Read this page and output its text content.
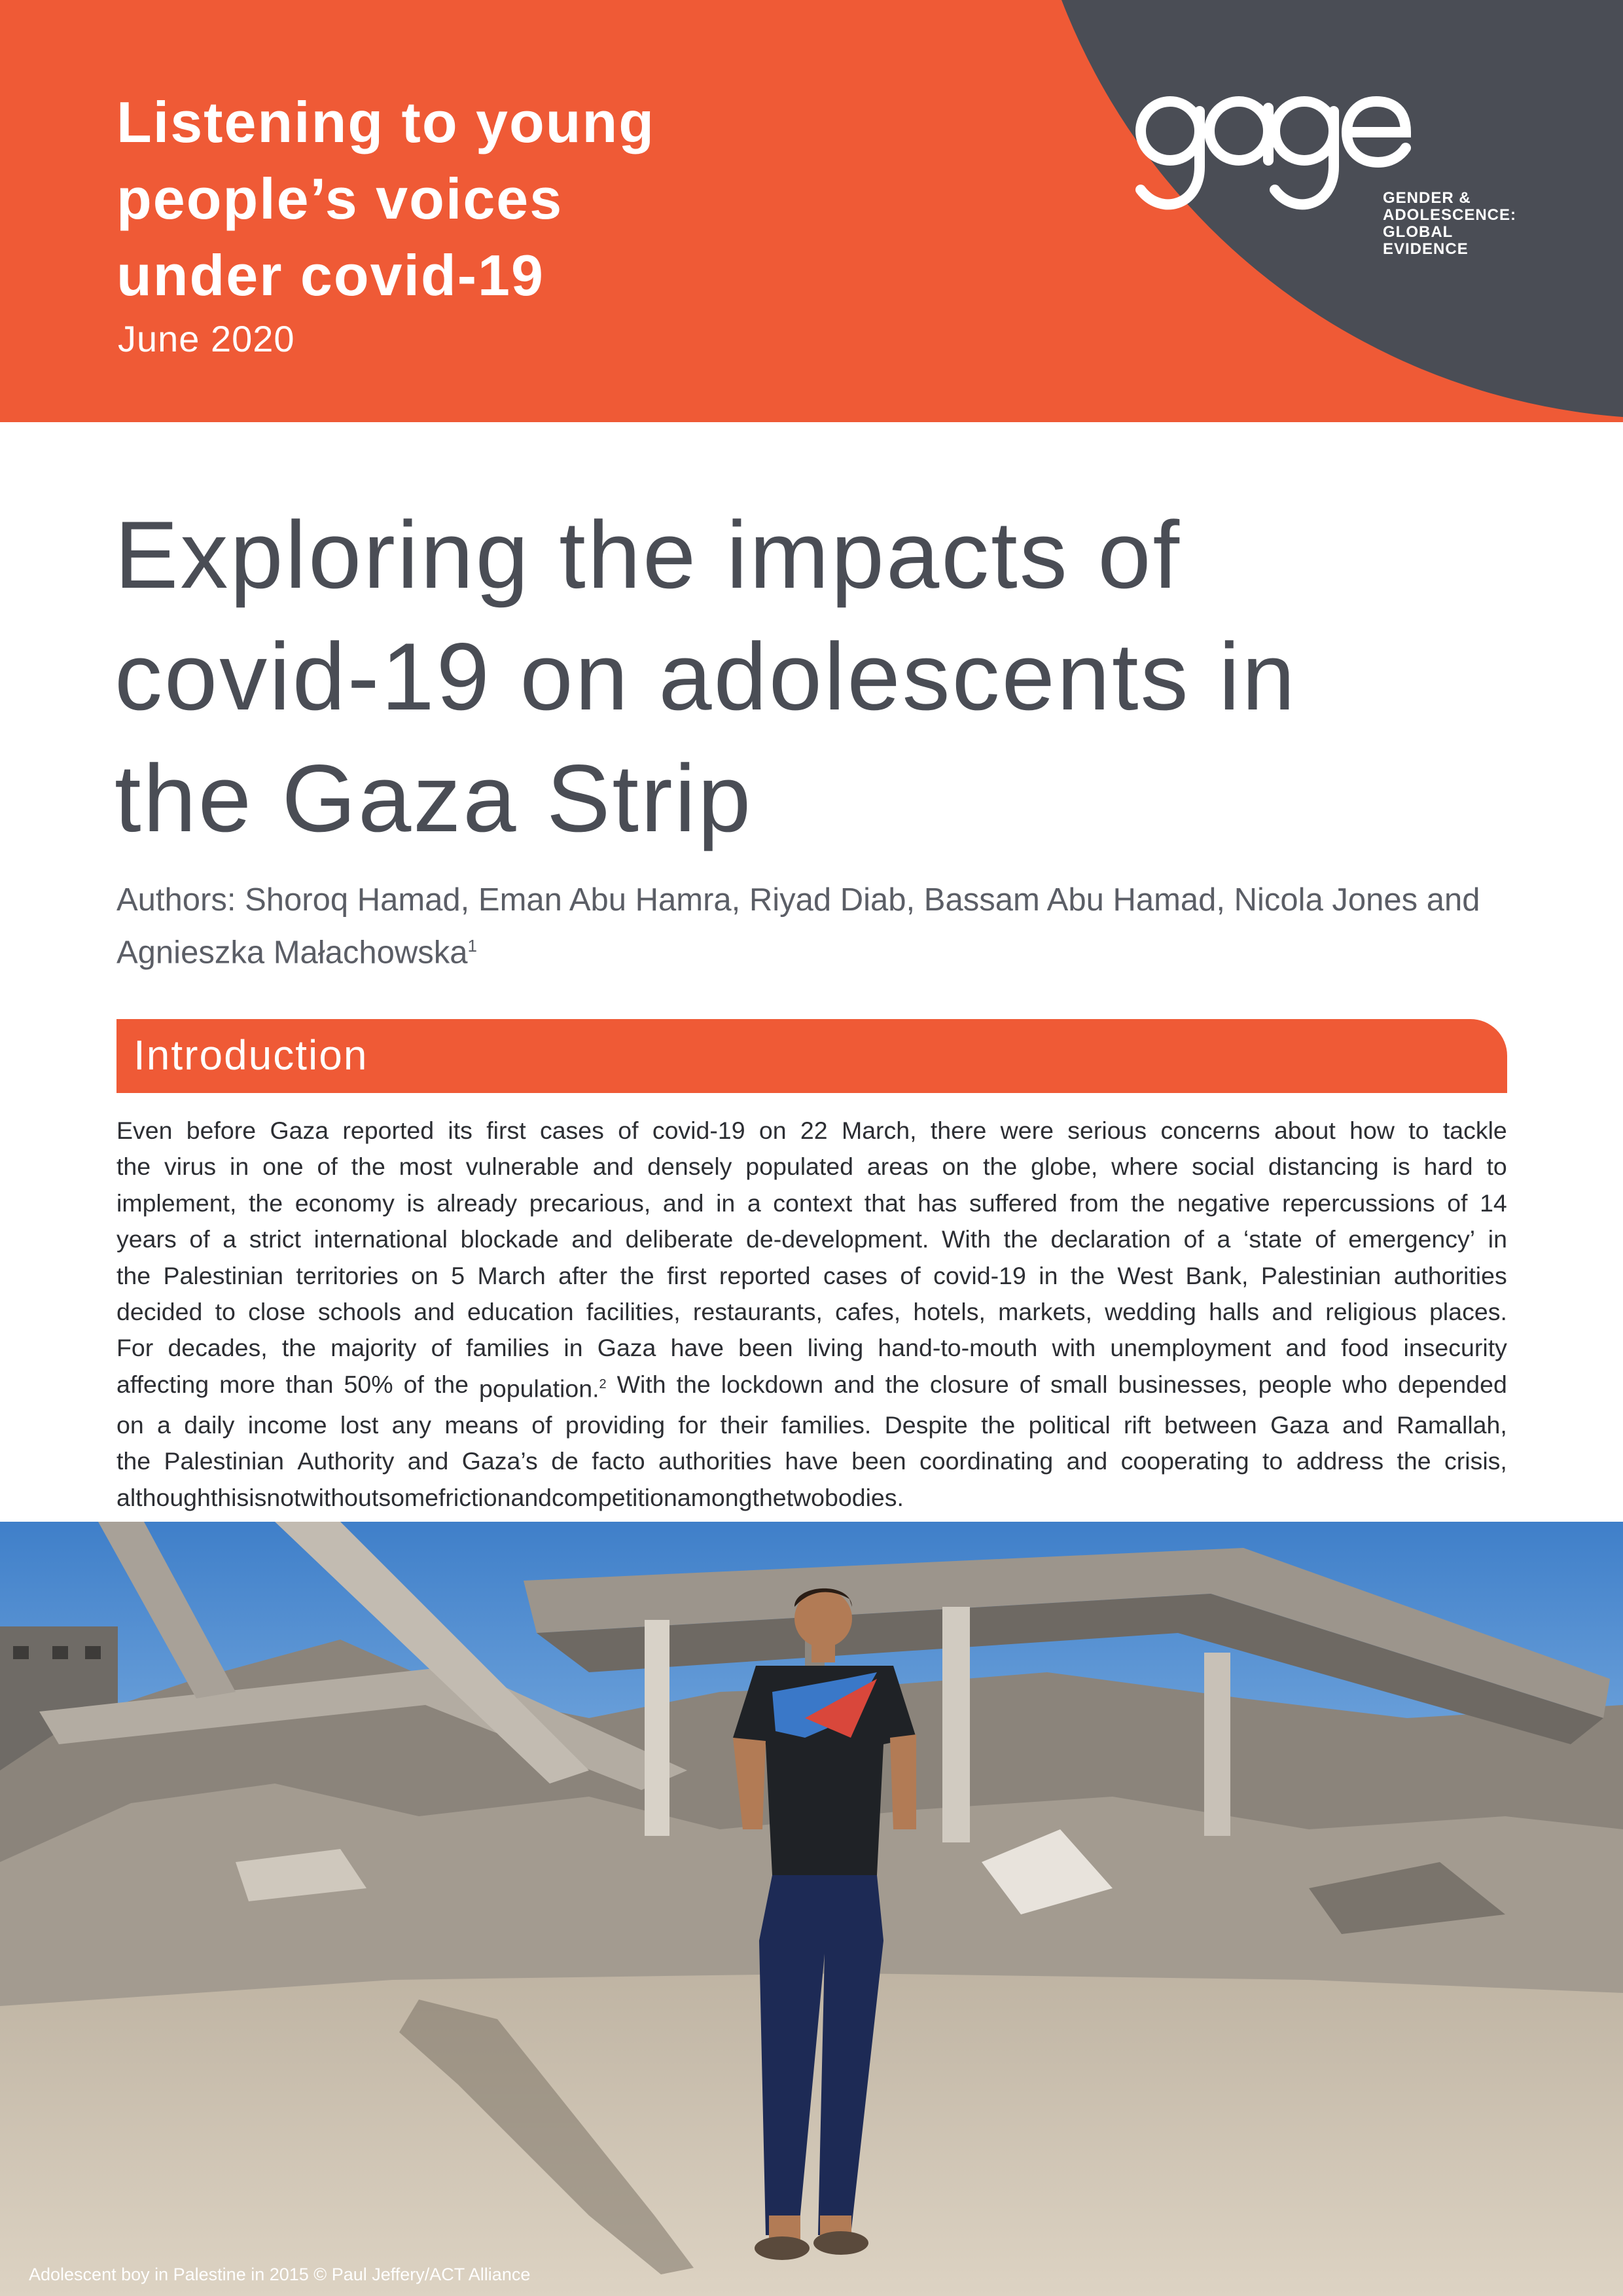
Listening to young
people’s voices
under covid-19
June 2020
GENDER &
ADOLESCENCE:
GLOBAL
EVIDENCE
Exploring the impacts of
covid-19 on adolescents in
the Gaza Strip
Authors: Shoroq Hamad, Eman Abu Hamra, Riyad Diab, Bassam Abu Hamad, Nicola Jones and
Agnieszka Małachowska$^1$
Introduction
Even before Gaza reported its first cases of covid-19 on 22 March, there were serious concerns about how to tackle
the virus in one of the most vulnerable and densely populated areas on the globe, where social distancing is hard to
implement, the economy is already precarious, and in a context that has suffered from the negative repercussions of 14
years of a strict international blockade and deliberate de-development. With the declaration of a ‘state of emergency’ in
the Palestinian territories on 5 March after the first reported cases of covid-19 in the West Bank, Palestinian authorities
decided to close schools and education facilities, restaurants, cafes, hotels, markets, wedding halls and religious places.
For decades, the majority of families in Gaza have been living hand-to-mouth with unemployment and food insecurity
affecting more than 50% of the population.$^2$ With the lockdown and the closure of small businesses, people who depended
on a daily income lost any means of providing for their families. Despite the political rift between Gaza and Ramallah,
the Palestinian Authority and Gaza’s de facto authorities have been coordinating and cooperating to address the crisis,
although this is not without some friction and competition among the two bodies.
Adolescent boy in Palestine in 2015 © Paul Jeffery/ACT Alliance
